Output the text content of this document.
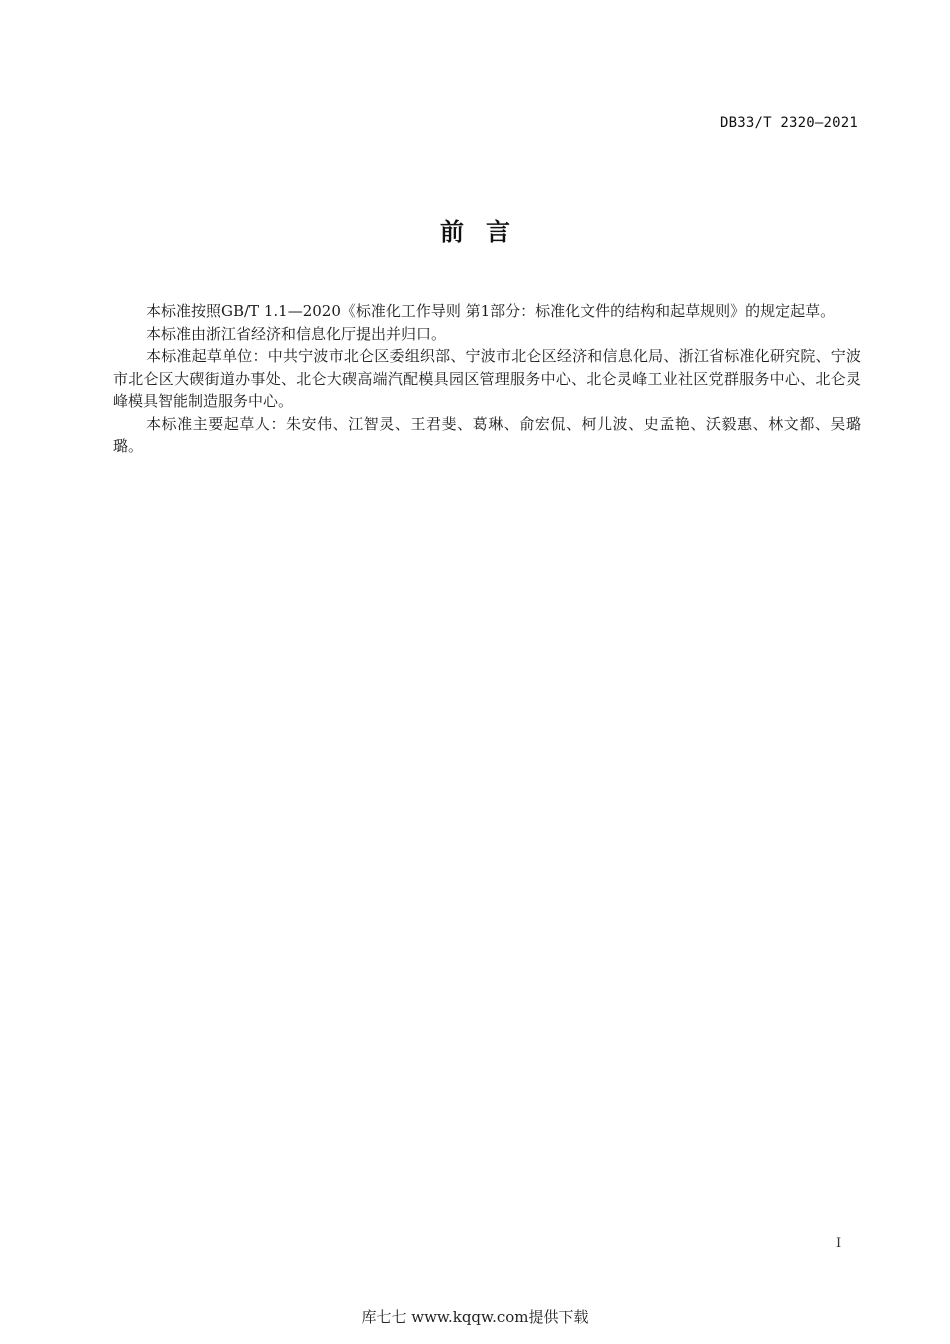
DB33/T 2320—2021
前言

本标准按照GB/T 1.1—2020《标准化工作导则 第1部分：标准化文件的结构和起草规则》的规定起草。

本标准由浙江省经济和信息化厅提出并归口。

本标准起草单位：中共宁波市北仑区委组织部、宁波市北仑区经济和信息化局、浙江省标准化研究院、宁波市北仑区大碶街道办事处、北仑大碶高端汽配模具园区管理服务中心、北仑灵峰工业社区党群服务中心、北仑灵峰模具智能制造服务中心。

本标准主要起草人：朱安伟、江智灵、王君斐、葛琳、俞宏侃、柯儿波、史孟艳、沃毅惠、林文都、吴璐璐。

I
库七七 www.kqqw.com提供下载
